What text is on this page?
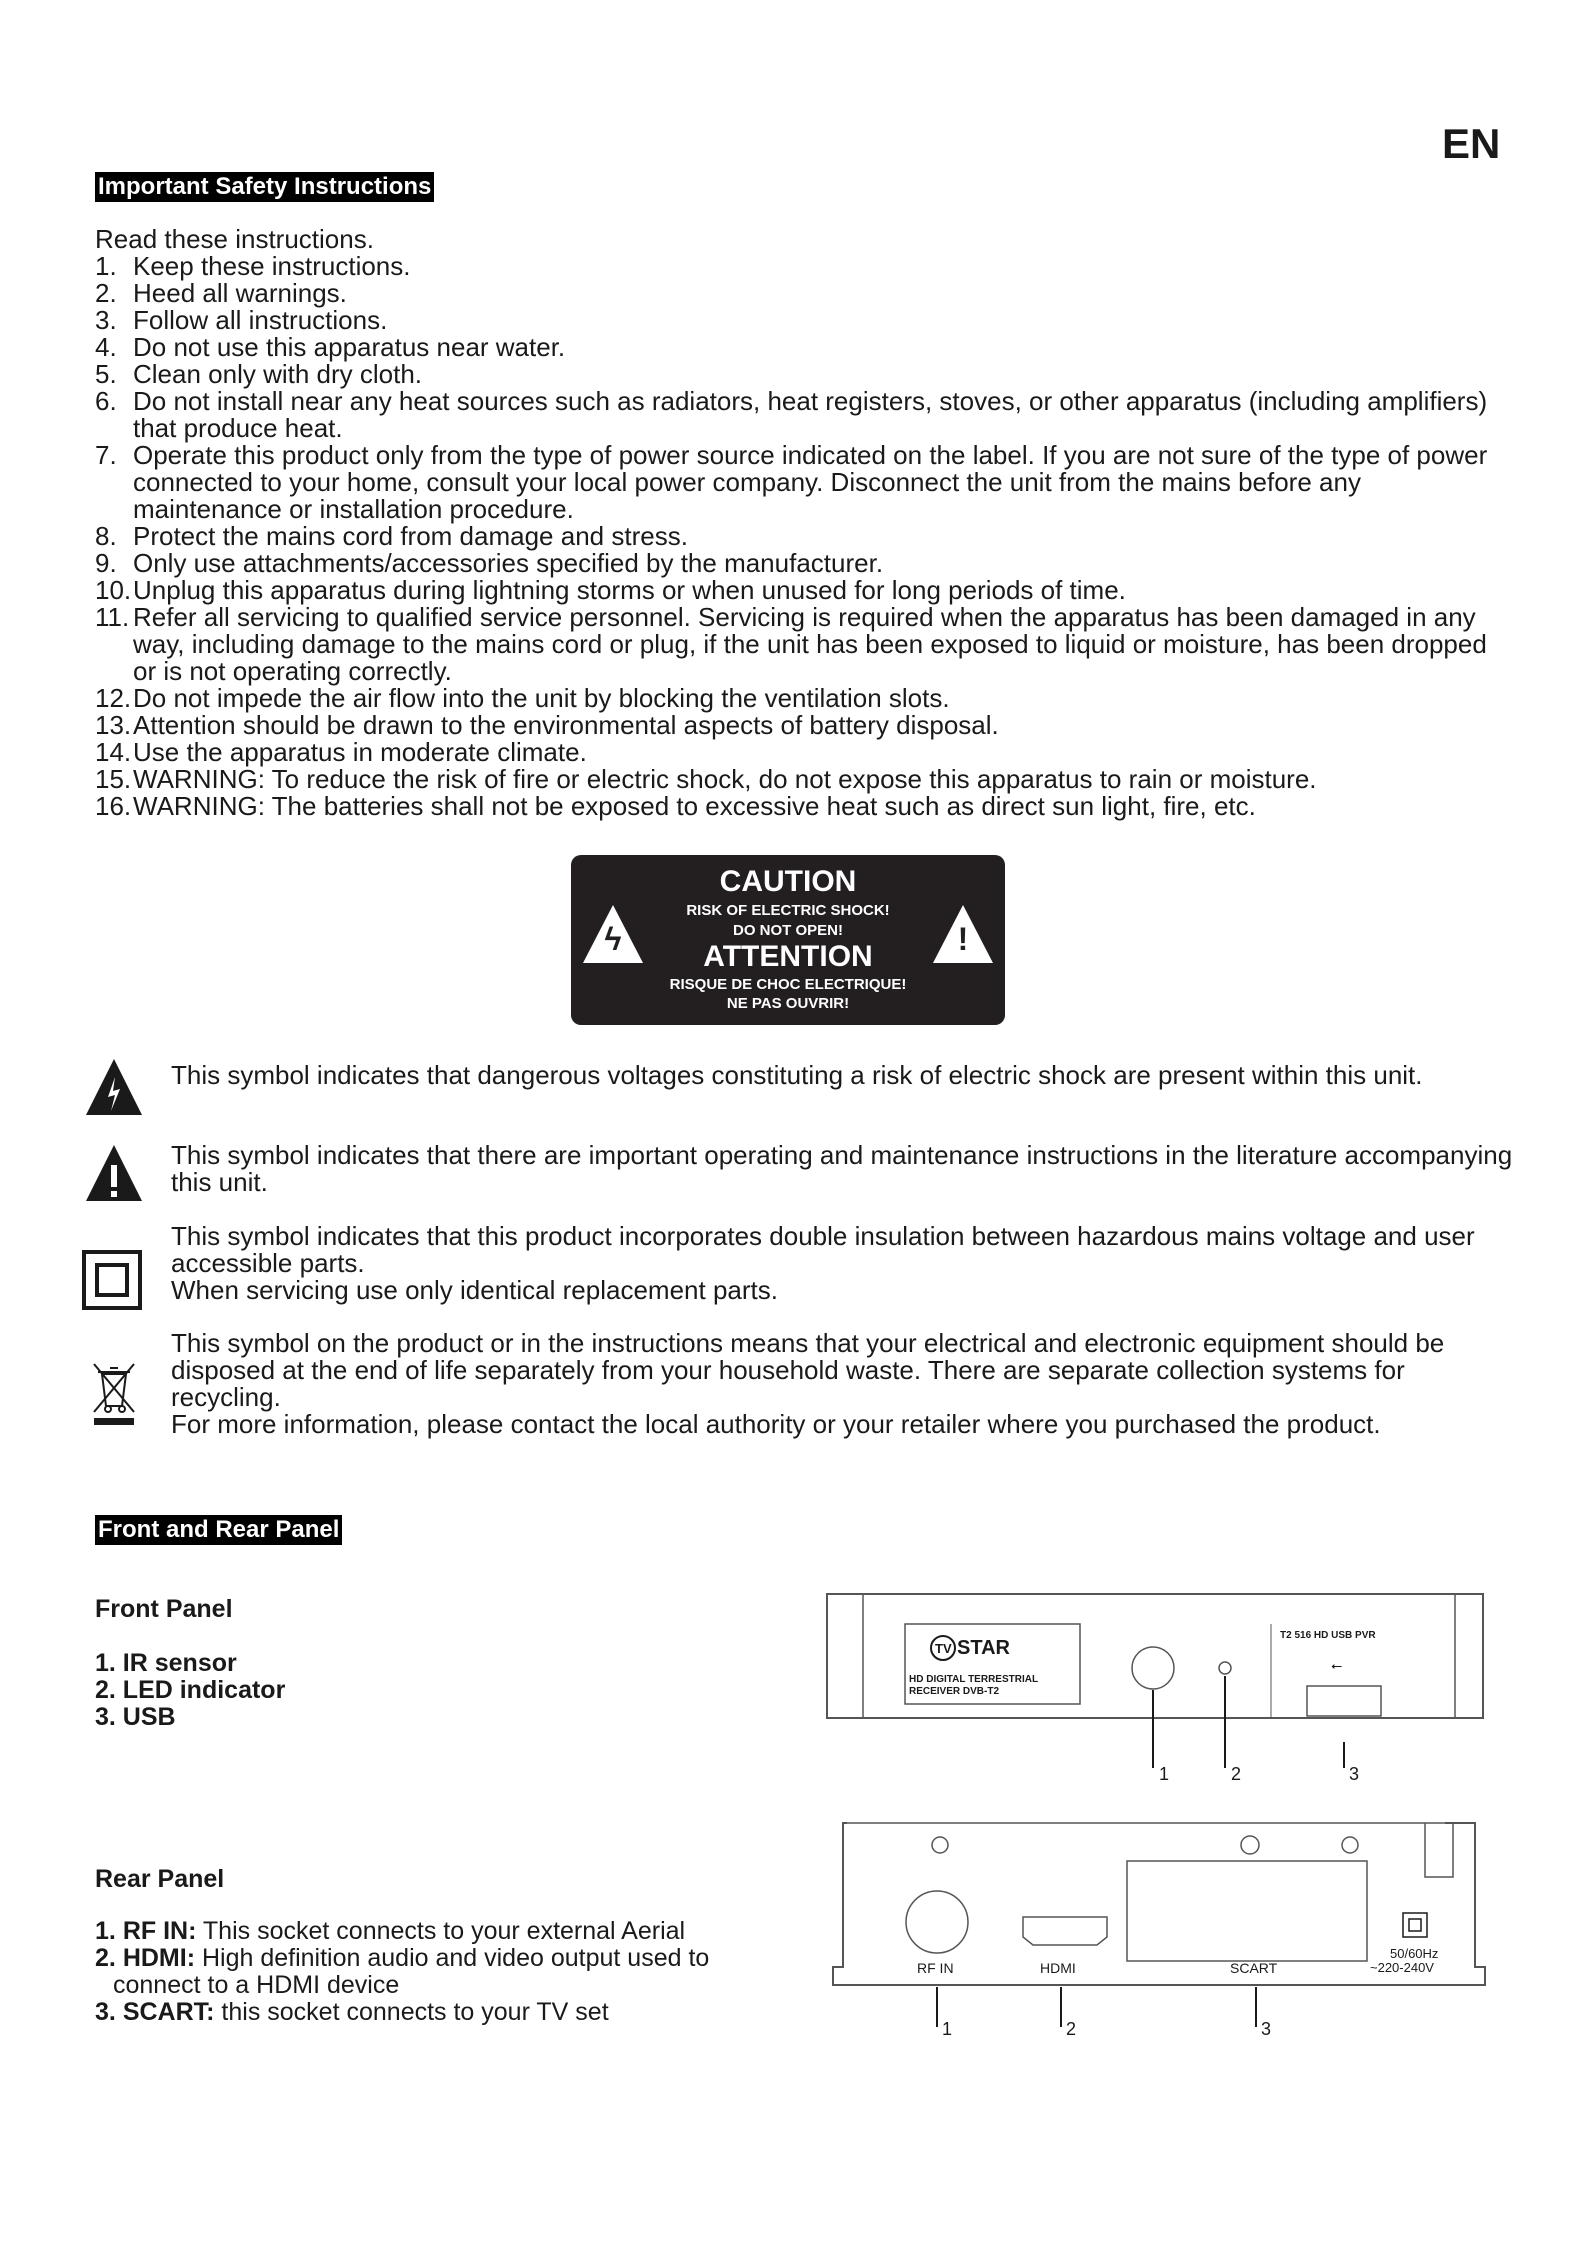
EN
Important Safety Instructions
Read these instructions.
1. Keep these instructions.
2. Heed all warnings.
3. Follow all instructions.
4. Do not use this apparatus near water.
5. Clean only with dry cloth.
6. Do not install near any heat sources such as radiators, heat registers, stoves, or other apparatus (including amplifiers) that produce heat.
7. Operate this product only from the type of power source indicated on the label. If you are not sure of the type of power connected to your home, consult your local power company. Disconnect the unit from the mains before any maintenance or installation procedure.
8. Protect the mains cord from damage and stress.
9. Only use attachments/accessories specified by the manufacturer.
10. Unplug this apparatus during lightning storms or when unused for long periods of time.
11. Refer all servicing to qualified service personnel. Servicing is required when the apparatus has been damaged in any way, including damage to the mains cord or plug, if the unit has been exposed to liquid or moisture, has been dropped or is not operating correctly.
12. Do not impede the air flow into the unit by blocking the ventilation slots.
13. Attention should be drawn to the environmental aspects of battery disposal.
14. Use the apparatus in moderate climate.
15. WARNING: To reduce the risk of fire or electric shock, do not expose this apparatus to rain or moisture.
16. WARNING: The batteries shall not be exposed to excessive heat such as direct sun light, fire, etc.
ϟ	!
CAUTION
RISK OF ELECTRIC SHOCK!
DO NOT OPEN!
ATTENTION
RISQUE DE CHOC ELECTRIQUE!
NE PAS OUVRIR!

This symbol indicates that dangerous voltages constituting a risk of electric shock are present within this unit.

This symbol indicates that there are important operating and maintenance instructions in the literature accompanying this unit.

This symbol indicates that this product incorporates double insulation between hazardous mains voltage and user accessible parts.

When servicing use only identical replacement parts.

This symbol on the product or in the instructions means that your electrical and electronic equipment should be disposed at the end of life separately from your household waste. There are separate collection systems for recycling.

For more information, please contact the local authority or your retailer where you purchased the product.

Front and Rear Panel
Front Panel
1. IR sensor
2. LED indicator
3. USB
Rear Panel
1. RF IN: This socket connects to your external Aerial
2. HDMI: High definition audio and video output used to
connect to a HDMI device
3. SCART: this socket connects to your TV set
TV STAR
HD DIGITAL TERRESTRIAL
RECEIVER DVB-T2
T2 516 HD USB PVR
⭠
1	2	3
RF IN	HDMI	SCART
50/60Hz
~220-240V
1	2	3
